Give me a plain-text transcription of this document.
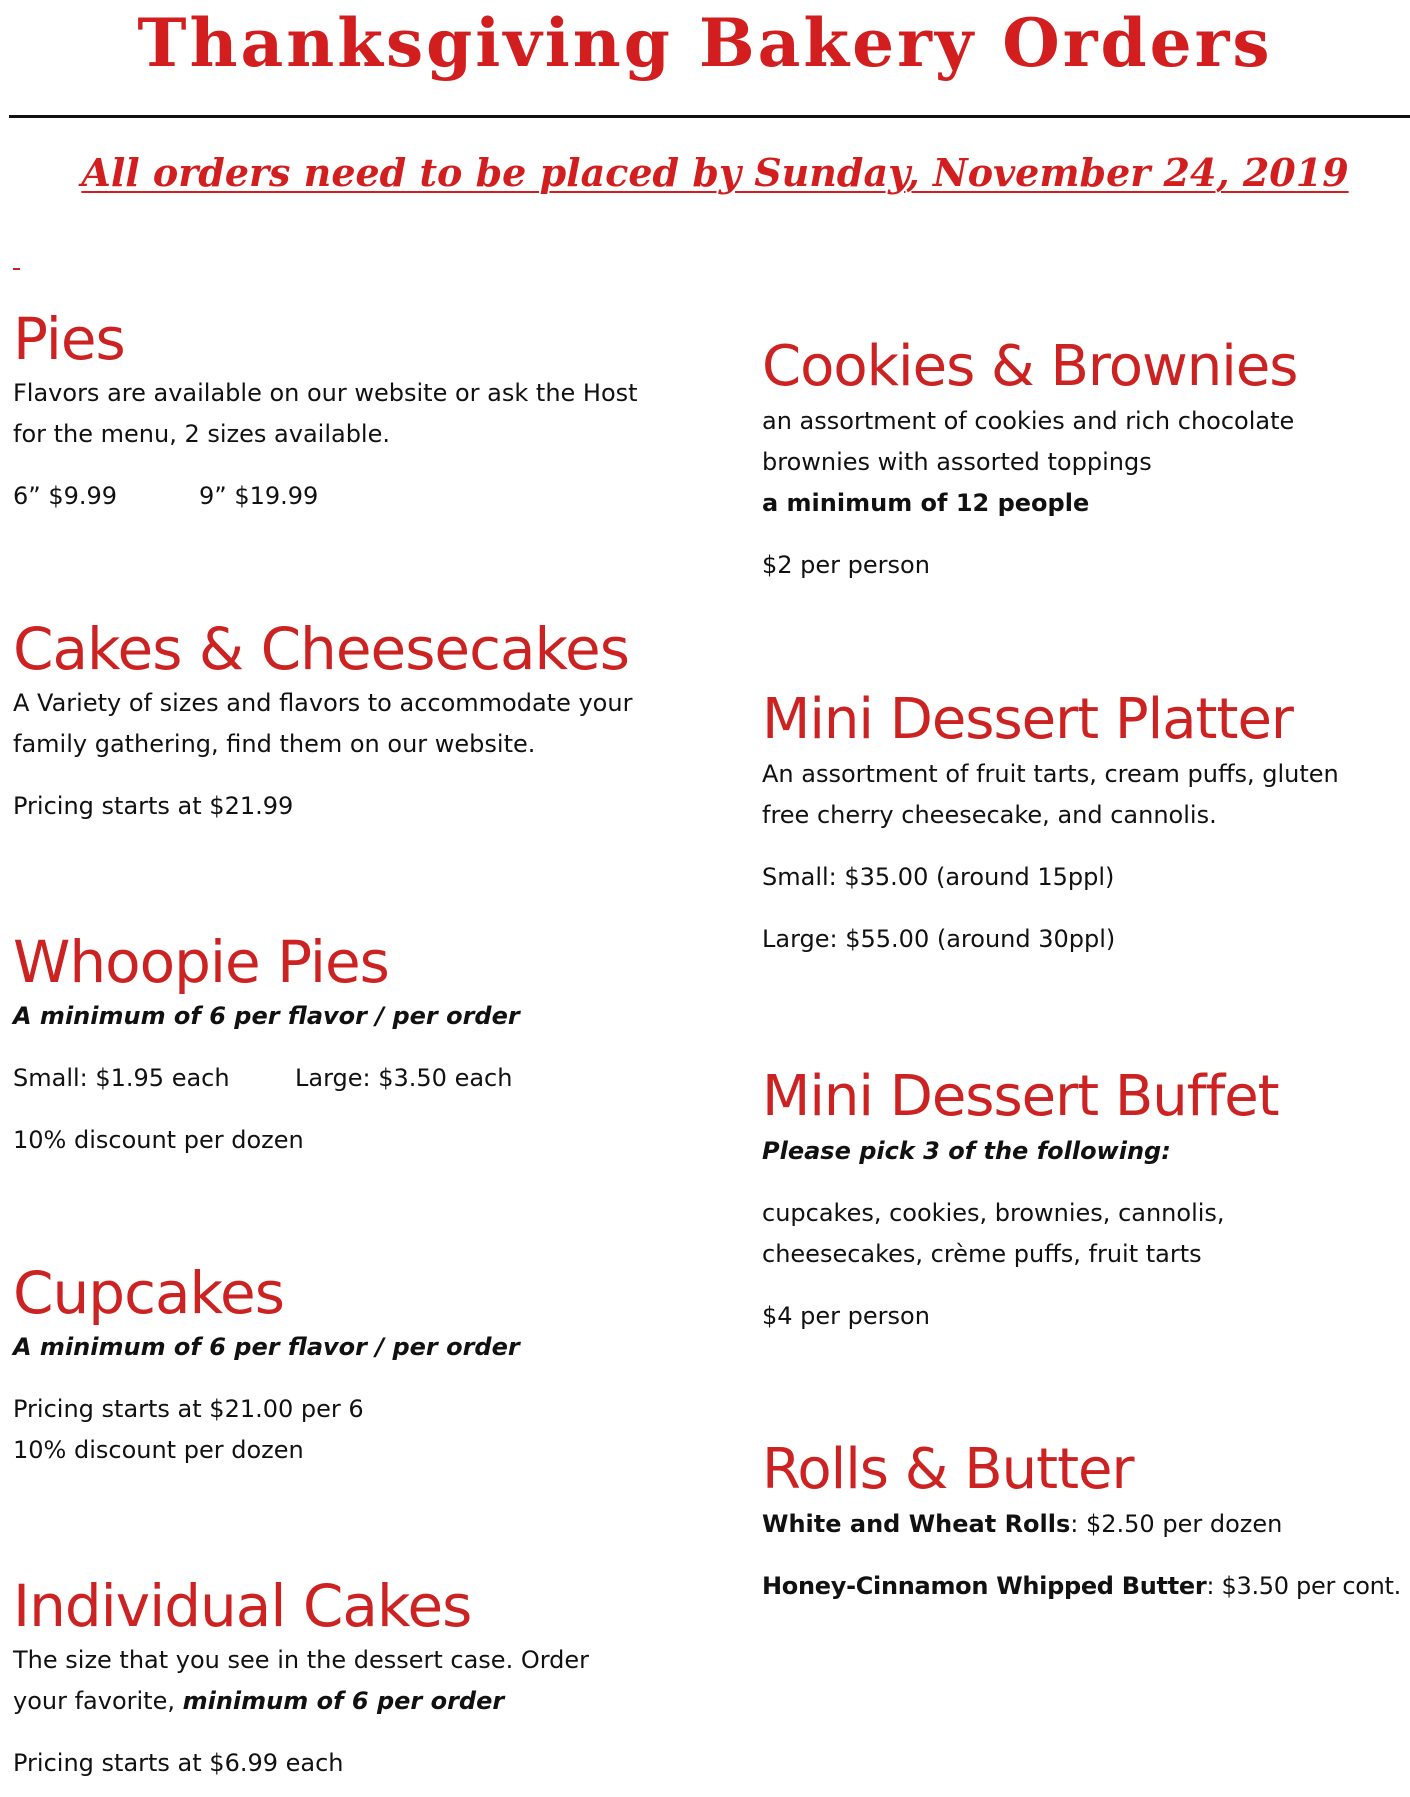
Thanksgiving Bakery Orders
All orders need to be placed by Sunday, November 24, 2019
Pies

Flavors are available on our website or ask the Host

for the menu, 2 sizes available.

6” $9.99	9” $19.99

Cakes & Cheesecakes

A Variety of sizes and flavors to accommodate your

family gathering, find them on our website.

Pricing starts at $21.99

Whoopie Pies

A minimum of 6 per flavor / per order

Small: $1.95 each	Large: $3.50 each

10% discount per dozen

Cupcakes

A minimum of 6 per flavor / per order

Pricing starts at $21.00 per 6

10% discount per dozen

Individual Cakes

The size that you see in the dessert case. Order

your favorite, minimum of 6 per order

Pricing starts at $6.99 each

Cookies & Brownies

an assortment of cookies and rich chocolate

brownies with assorted toppings

a minimum of 12 people

$2 per person

Mini Dessert Platter

An assortment of fruit tarts, cream puffs, gluten

free cherry cheesecake, and cannolis.

Small: $35.00 (around 15ppl)

Large: $55.00 (around 30ppl)

Mini Dessert Buffet

Please pick 3 of the following:

cupcakes, cookies, brownies, cannolis,

cheesecakes, crème puffs, fruit tarts

$4 per person

Rolls & Butter

White and Wheat Rolls: $2.50 per dozen

Honey-Cinnamon Whipped Butter: $3.50 per cont.
